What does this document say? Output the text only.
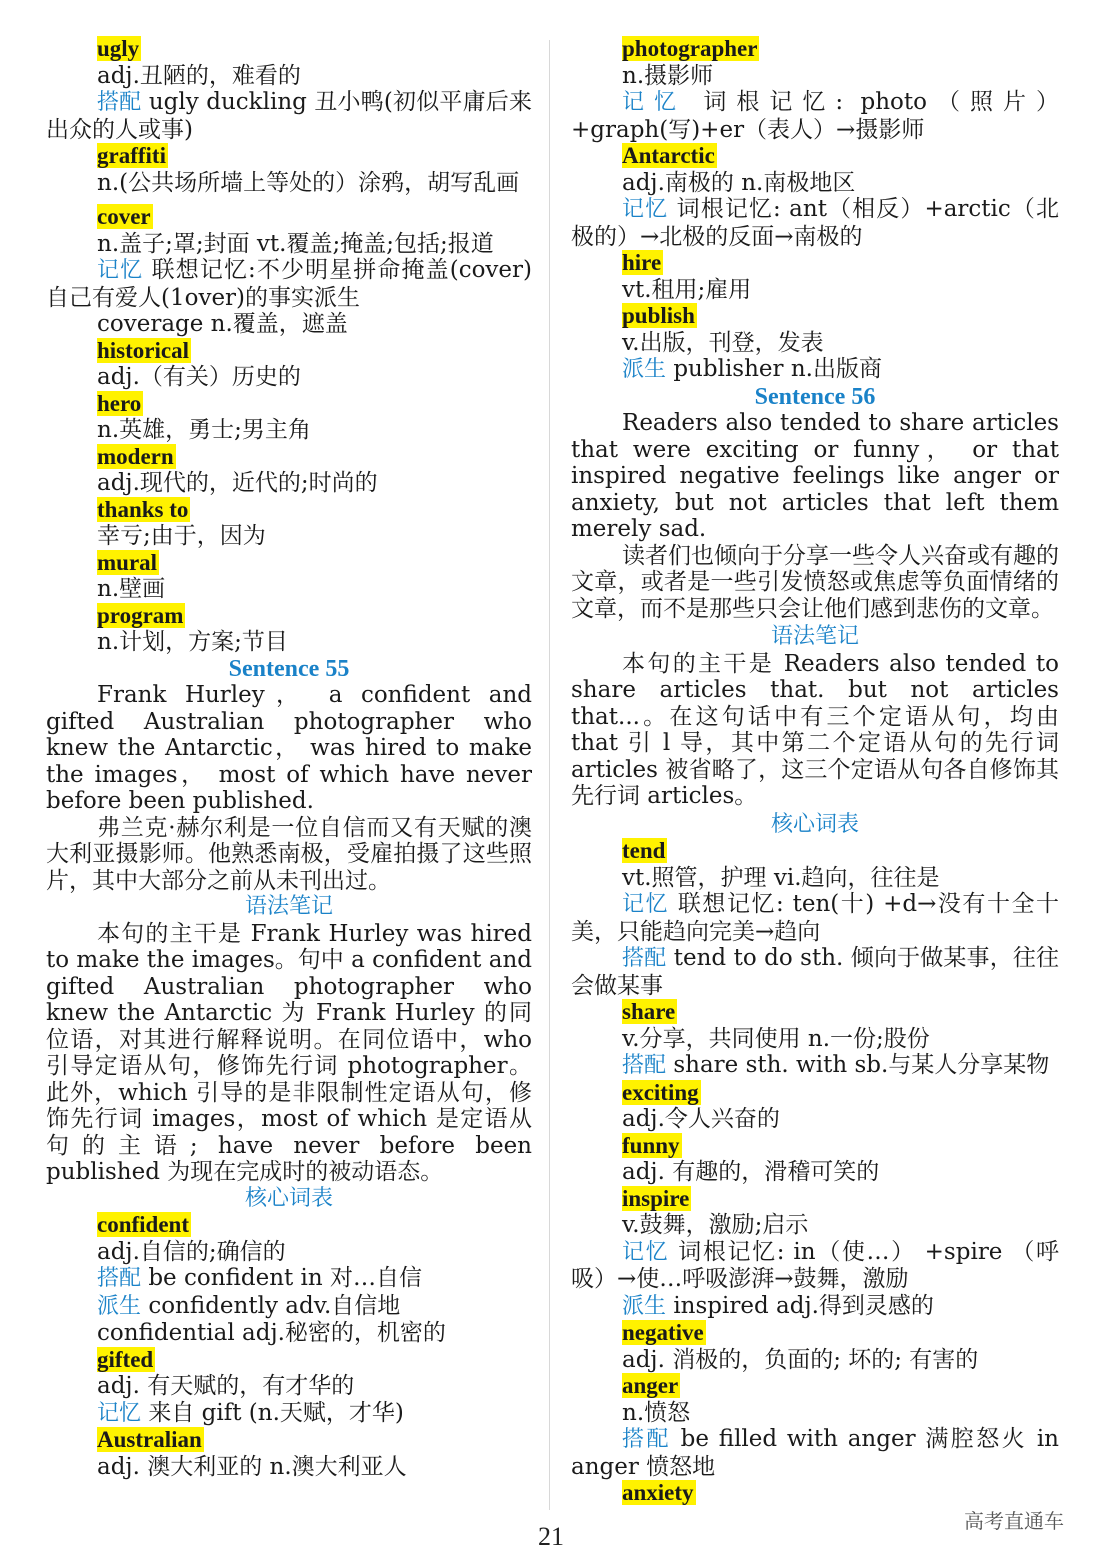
ugly
adj.丑陋的，难看的
搭配 ugly duckling 丑小鸭(初似平庸后来出众的人或事)
graffiti
n.(公共场所墙上等处的）涂鸦，胡写乱画
cover
n.盖子;罩;封面 vt.覆盖;掩盖;包括;报道
记忆 联想记忆:不少明星拼命掩盖(cover)自己有爱人(1over)的事实派生
coverage n.覆盖，遮盖
historical
adj.（有关）历史的
hero
n.英雄，勇士;男主角
modern
adj.现代的，近代的;时尚的
thanks to
幸亏;由于，因为
mural
n.壁画
program
n.计划，方案;节目
Sentence 55
Frank Hurley， a confident and gifted Australian photographer who knew the Antarctic， was hired to make the images， most of which have never before been published.
弗兰克·赫尔利是一位自信而又有天赋的澳大利亚摄影师。他熟悉南极，受雇拍摄了这些照片，其中大部分之前从未刊出过。
语法笔记
本句的主干是 Frank Hurley was hired to make the images。句中 a confident and gifted Australian photographer who knew the Antarctic 为 Frank Hurley 的同位语，对其进行解释说明。在同位语中，who 引导定语从句，修饰先行词 photographer。此外，which 引导的是非限制性定语从句，修饰先行词 images，most of which 是定语从句的主语; have never before been published 为现在完成时的被动语态。
核心词表
confident
adj.自信的;确信的
搭配 be confident in 对…自信
派生 confidently adv.自信地
confidential adj.秘密的，机密的
gifted
adj. 有天赋的，有才华的
记忆 来自 gift (n.天赋，才华)
Australian
adj. 澳大利亚的 n.澳大利亚人
photographer
n.摄影师
记忆 词根记忆: photo（照片）+graph(写)+er（表人）→摄影师
Antarctic
adj.南极的 n.南极地区
记忆 词根记忆: ant（相反）+arctic（北极的）→北极的反面→南极的
hire
vt.租用;雇用
publish
v.出版，刊登，发表
派生 publisher n.出版商
Sentence 56
Readers also tended to share articles that were exciting or funny， or that inspired negative feelings like anger or anxiety, but not articles that left them merely sad.
读者们也倾向于分享一些令人兴奋或有趣的文章，或者是一些引发愤怒或焦虑等负面情绪的文章，而不是那些只会让他们感到悲伤的文章。
语法笔记
本句的主干是 Readers also tended to share articles that. but not articles that...。在这句话中有三个定语从句，均由 that 引 l 导，其中第二个定语从句的先行词 articles 被省略了，这三个定语从句各自修饰其先行词 articles。
核心词表
tend
vt.照管，护理 vi.趋向，往往是
记忆 联想记忆: ten(十) +d→没有十全十美，只能趋向完美→趋向
搭配 tend to do sth. 倾向于做某事，往往会做某事
share
v.分享，共同使用 n.一份;股份
搭配 share sth. with sb.与某人分享某物
exciting
adj.令人兴奋的
funny
adj. 有趣的，滑稽可笑的
inspire
v.鼓舞，激励;启示
记忆 词根记忆: in（使…） +spire （呼吸）→使…呼吸澎湃→鼓舞，激励
派生 inspired adj.得到灵感的
negative
adj. 消极的，负面的; 坏的; 有害的
anger
n.愤怒
搭配 be filled with anger 满腔怒火 in anger 愤怒地
anxiety
21
高考直通车
